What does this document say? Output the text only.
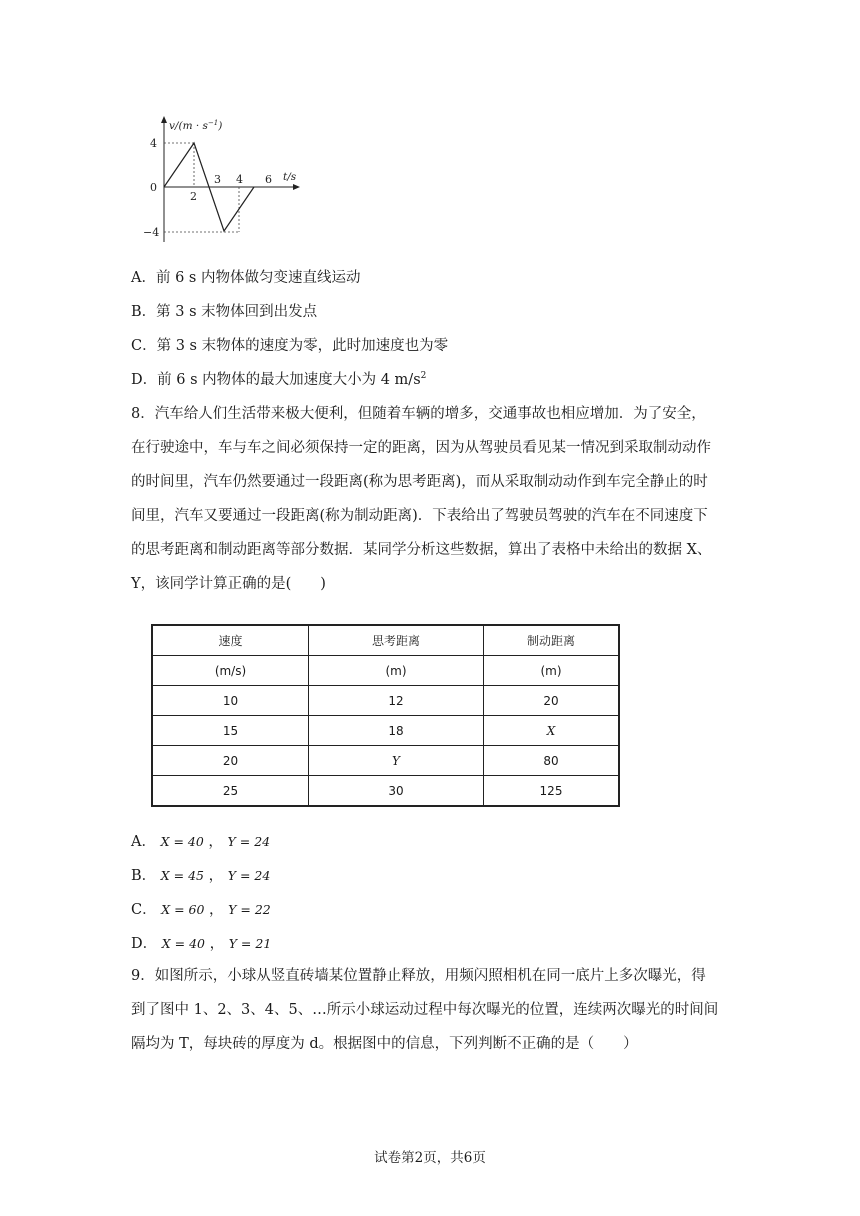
$v/(m \cdot s^{-1})$
t/s
4
0
−4
2
3 4 6
A．前 6 s 内物体做匀变速直线运动
B．第 3 s 末物体回到出发点
C．第 3 s 末物体的速度为零，此时加速度也为零
D．前 6 s 内物体的最大加速度大小为 4 $m/s^2$
8．汽车给人们生活带来极大便利，但随着车辆的增多，交通事故也相应增加．为了安全，
在行驶途中，车与车之间必须保持一定的距离，因为从驾驶员看见某一情况到采取制动动作
的时间里，汽车仍然要通过一段距离(称为思考距离)，而从采取制动动作到车完全静止的时
间里，汽车又要通过一段距离(称为制动距离)．下表给出了驾驶员驾驶的汽车在不同速度下
的思考距离和制动距离等部分数据．某同学分析这些数据，算出了表格中未给出的数据 X、
Y，该同学计算正确的是(　　)
速度	思考距离	制动距离
(m/s)	(m)	(m)
10	12	20
15	18	X
20	Y	80
25	30	125
A． X = 40 ， Y = 24
B． X = 45 ， Y = 24
C． X = 60 ， Y = 22
D． X = 40 ， Y = 21
9．如图所示，小球从竖直砖墙某位置静止释放，用频闪照相机在同一底片上多次曝光，得
到了图中 1、2、3、4、5、…所示小球运动过程中每次曝光的位置，连续两次曝光的时间间
隔均为 T，每块砖的厚度为 d。根据图中的信息，下列判断不正确的是（　　）
试卷第2页，共6页
